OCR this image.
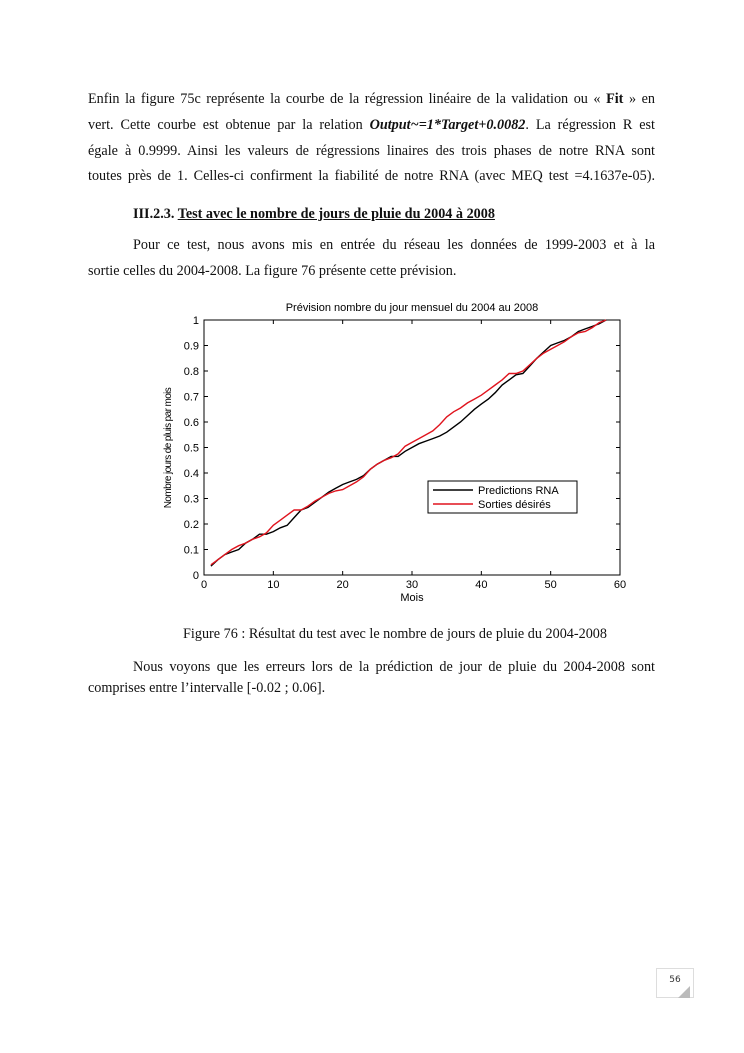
Enfin la figure 75c représente la courbe de la régression linéaire de la validation ou « Fit » en
vert. Cette courbe est obtenue par la relation Output~=1*Target+0.0082. La régression R est
égale à 0.9999. Ainsi les valeurs de régressions linaires des trois phases de notre RNA sont
toutes près de 1. Celles-ci confirment la fiabilité de notre RNA (avec MEQ test =4.1637e-05).
III.2.3. Test avec le nombre de jours de pluie du 2004 à 2008
Pour ce test, nous avons mis en entrée du réseau les données de 1999-2003 et à la
sortie celles du 2004-2008. La figure 76 présente cette prévision.
0	10	20	30	40	50	60
0
0.1
0.2
0.3
0.4
0.5
0.6
0.7
0.8
0.9
1
Prévision nombre du jour mensuel du 2004 au 2008
Mois
Nombre jours de pluis par mois	Predictions RNA
Sorties désirés
Figure 76 : Résultat du test avec le nombre de jours de pluie du 2004-2008
Nous voyons que les erreurs lors de la prédiction de jour de pluie du 2004-2008 sont
comprises entre l’intervalle [-0.02 ; 0.06].
56
